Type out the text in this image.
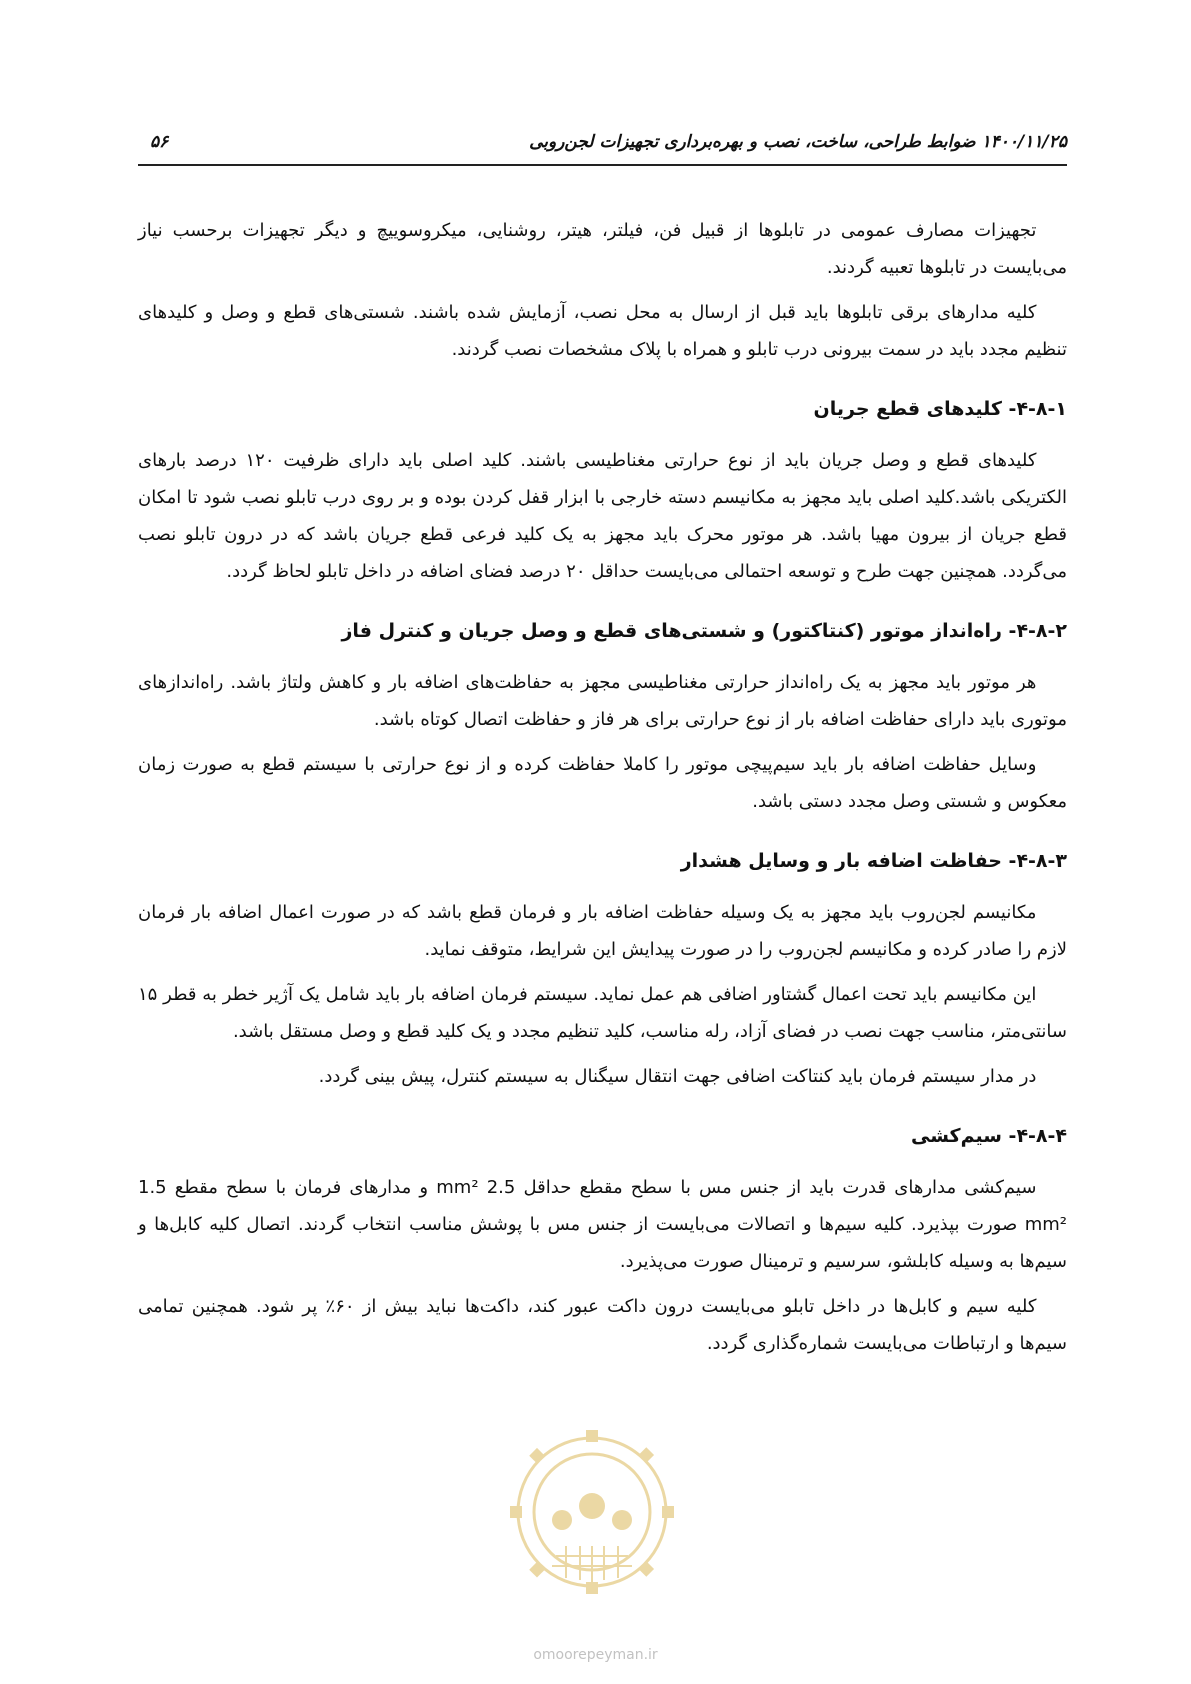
۵۶	۱۴۰۰/۱۱/۲۵ ضوابط طراحی، ساخت، نصب و بهره‌برداری تجهیزات لجن‌روبی

تجهیزات مصارف عمومی در تابلوها از قبیل فن، فیلتر، هیتر، روشنایی، میکروسوییچ و دیگر تجهیزات برحسب نیاز می‌بایست در تابلوها تعبیه گردند.

کلیه مدارهای برقی تابلوها باید قبل از ارسال به محل نصب، آزمایش شده باشند. شستی‌های قطع و وصل و کلیدهای تنظیم مجدد باید در سمت بیرونی درب تابلو و همراه با پلاک مشخصات نصب گردند.

۴-۸-۱- کلیدهای قطع جریان

کلیدهای قطع و وصل جریان باید از نوع حرارتی مغناطیسی باشند. کلید اصلی باید دارای ظرفیت ۱۲۰ درصد بارهای الکتریکی باشد.کلید اصلی باید مجهز به مکانیسم دسته خارجی با ابزار قفل کردن بوده و بر روی درب تابلو نصب شود تا امکان قطع جریان از بیرون مهیا باشد. هر موتور محرک باید مجهز به یک کلید فرعی قطع جریان باشد که در درون تابلو نصب می‌گردد. همچنین جهت طرح و توسعه احتمالی می‌بایست حداقل ۲۰ درصد فضای اضافه در داخل تابلو لحاظ گردد.

۴-۸-۲- راه‌انداز موتور (کنتاکتور) و شستی‌های قطع و وصل جریان و کنترل فاز

هر موتور باید مجهز به یک راه‌انداز حرارتی مغناطیسی مجهز به حفاظت‌های اضافه بار و کاهش ولتاژ باشد. راه‌اندازهای موتوری باید دارای حفاظت اضافه بار از نوع حرارتی برای هر فاز و حفاظت اتصال کوتاه باشد.

وسایل حفاظت اضافه بار باید سیم‌پیچی موتور را کاملا حفاظت کرده و از نوع حرارتی با سیستم قطع به صورت زمان معکوس و شستی وصل مجدد دستی باشد.

۴-۸-۳- حفاظت اضافه بار و وسایل هشدار

مکانیسم لجن‌روب باید مجهز به یک وسیله حفاظت اضافه بار و فرمان قطع باشد که در صورت اعمال اضافه بار فرمان لازم را صادر کرده و مکانیسم لجن‌روب را در صورت پیدایش این شرایط، متوقف نماید.

این مکانیسم باید تحت اعمال گشتاور اضافی هم عمل نماید. سیستم فرمان اضافه بار باید شامل یک آژیر خطر به قطر ۱۵ سانتی‌متر، مناسب جهت نصب در فضای آزاد، رله مناسب، کلید تنظیم مجدد و یک کلید قطع و وصل مستقل باشد.

در مدار سیستم فرمان باید کنتاکت اضافی جهت انتقال سیگنال به سیستم کنترل، پیش بینی گردد.

۴-۸-۴- سیم‌کشی

سیم‌کشی مدارهای قدرت باید از جنس مس با سطح مقطع حداقل 2.5 mm² و مدارهای فرمان با سطح مقطع 1.5 mm² صورت بپذیرد. کلیه سیم‌ها و اتصالات می‌بایست از جنس مس با پوشش مناسب انتخاب گردند. اتصال کلیه کابل‌ها و سیم‌ها به وسیله کابلشو، سرسیم و ترمینال صورت می‌پذیرد.

کلیه سیم و کابل‌ها در داخل تابلو می‌بایست درون داکت عبور کند، داکت‌ها نباید بیش از ۶۰٪ پر شود. همچنین تمامی سیم‌ها و ارتباطات می‌بایست شماره‌گذاری گردد.

omoorepeyman.ir
